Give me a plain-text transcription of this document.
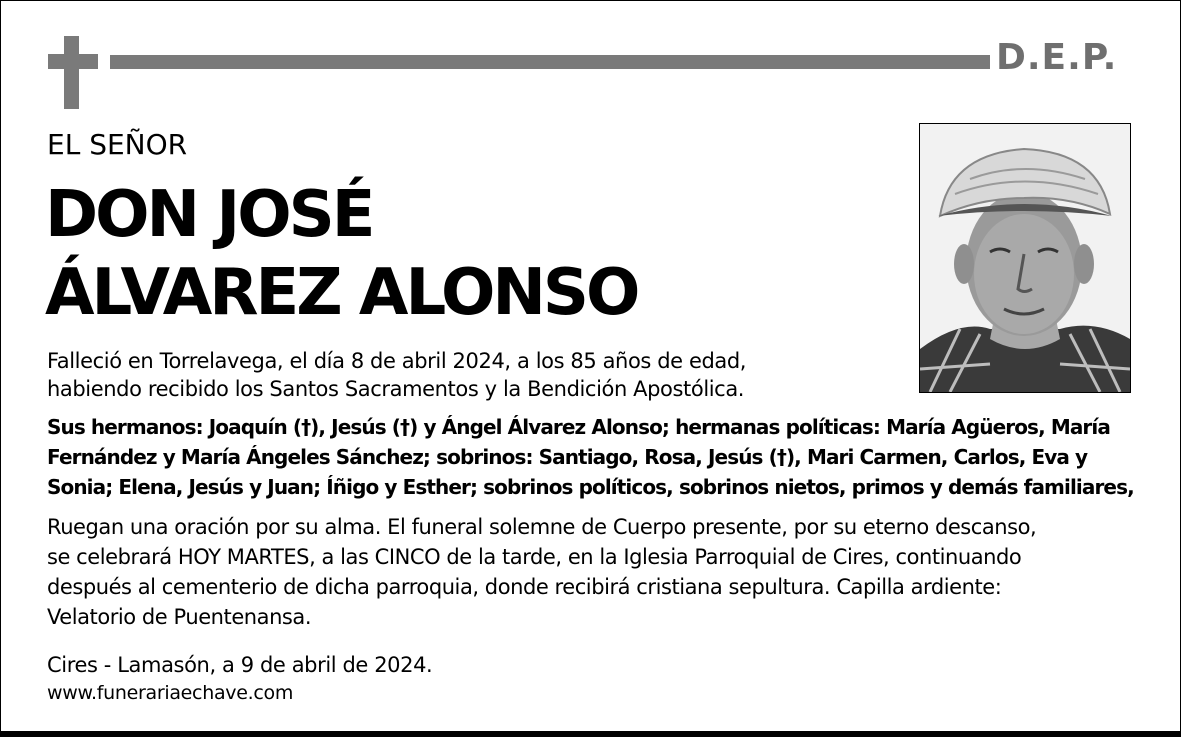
D.E.P.
EL SEÑOR
DON JOSÉ
ÁLVAREZ ALONSO
Falleció en Torrelavega, el día 8 de abril 2024, a los 85 años de edad,
habiendo recibido los Santos Sacramentos y la Bendición Apostólica.
Sus hermanos: Joaquín (†), Jesús (†) y Ángel Álvarez Alonso; hermanas políticas: María Agüeros, María
Fernández y María Ángeles Sánchez; sobrinos: Santiago, Rosa, Jesús (†), Mari Carmen, Carlos, Eva y
Sonia; Elena, Jesús y Juan; Íñigo y Esther; sobrinos políticos, sobrinos nietos, primos y demás familiares,
Ruegan una oración por su alma. El funeral solemne de Cuerpo presente, por su eterno descanso,
se celebrará HOY MARTES, a las CINCO de la tarde, en la Iglesia Parroquial de Cires, continuando
después al cementerio de dicha parroquia, donde recibirá cristiana sepultura. Capilla ardiente:
Velatorio de Puentenansa.
Cires - Lamasón, a 9 de abril de 2024.
www.funerariaechave.com
